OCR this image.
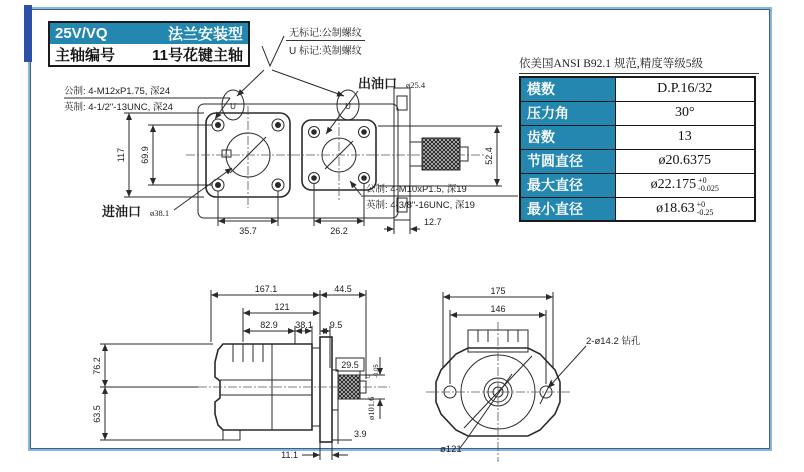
25V/VQ	法兰安装型
主轴编号 11号花键主轴
无标记:公制螺纹
U 标记:英制螺纹
依美国ANSI B92.1 规范,精度等级5级
模数	D.P.16/32
压力角	30°
齿数	13
节圆直径	ø20.6375
最大直径	ø22.175 +0
-0.025

最小直径	ø18.63 +0
-0.25
U	U
117 69.9
35.7	26.2
12.7
52.4
公制: 4-M12xP1.75, 深24
英制: 4-1/2"-13UNC, 深24
出油口 ø25.4
进油口 ø38.1
公制: 4-M10xP1.5, 深19
英制: 4-3/8"-16UNC, 深19
167.1	44.5
121
82.9 38.1 9.5
76.2
63.5
29.5
ø101.6
0 -0.05
11.1
3.9
175
146
2-ø14.2 钻孔
ø121
